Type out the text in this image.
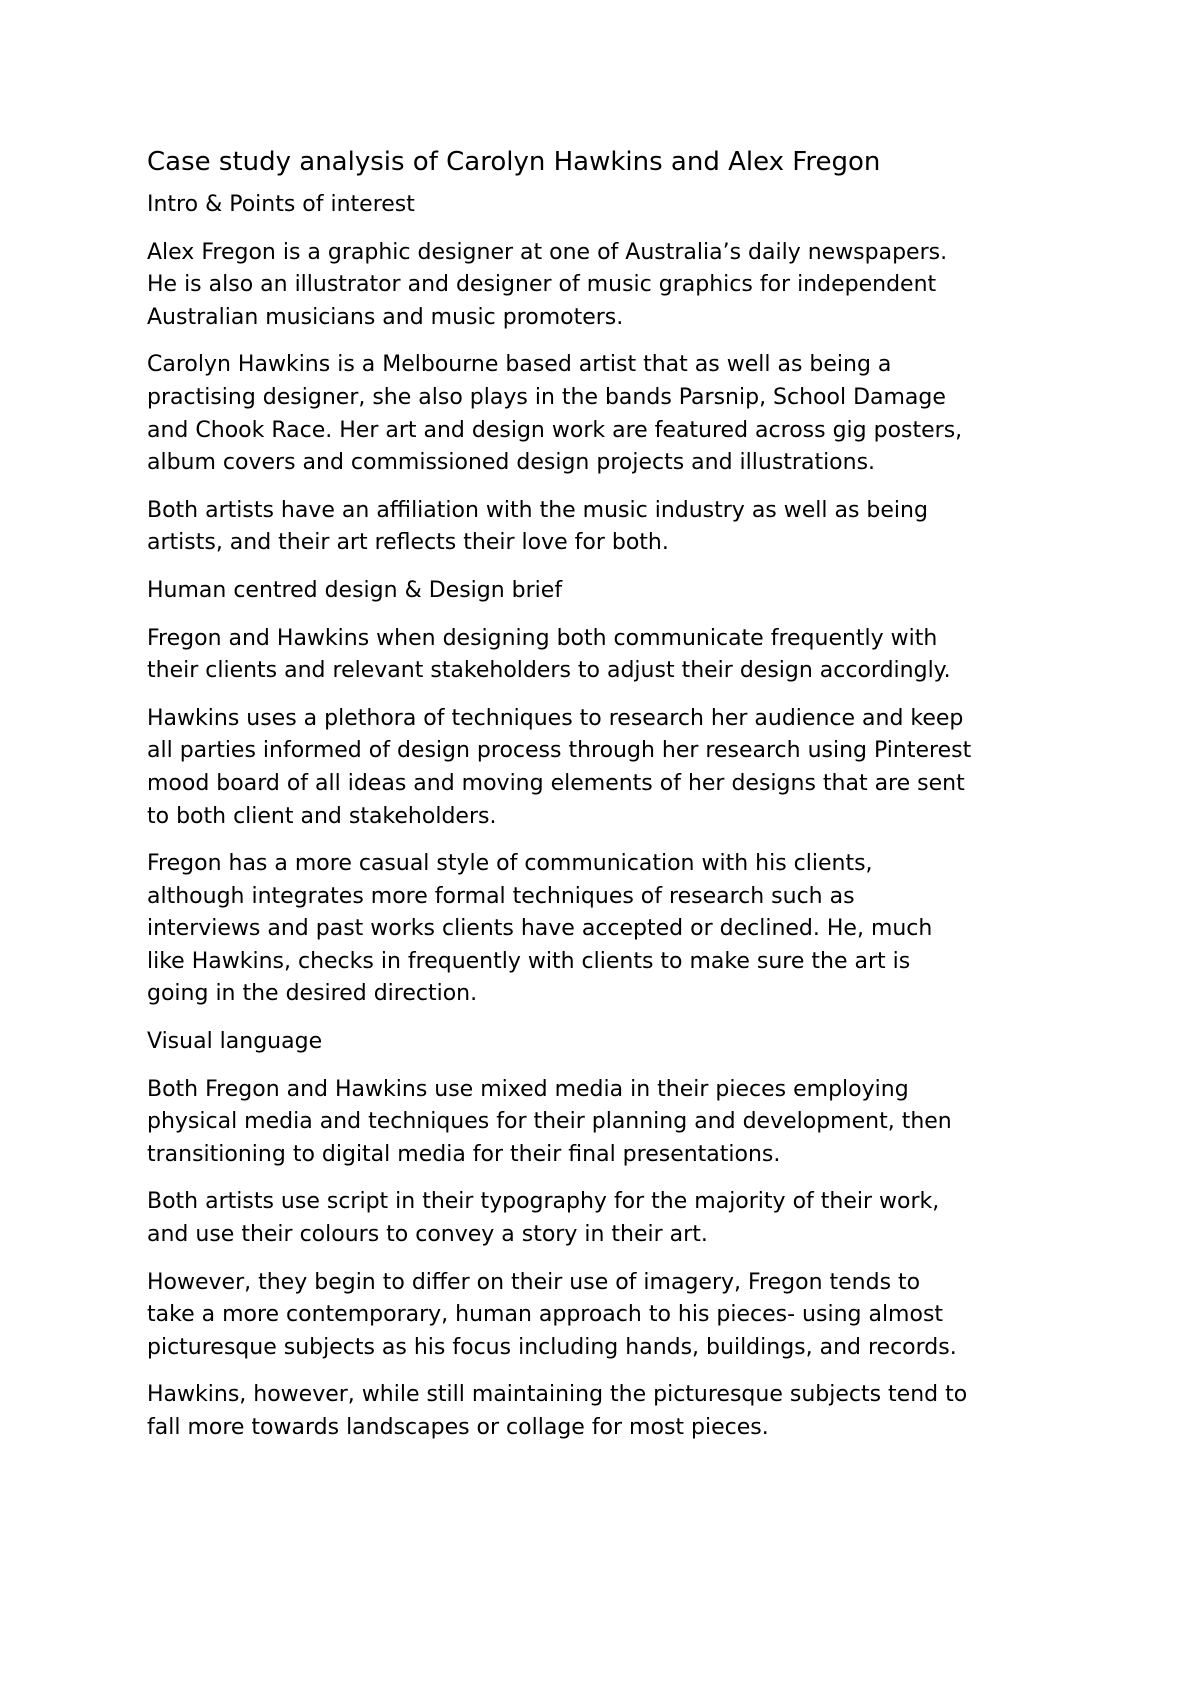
Case study analysis of Carolyn Hawkins and Alex Fregon

Intro & Points of interest

Alex Fregon is a graphic designer at one of Australia’s daily newspapers.
He is also an illustrator and designer of music graphics for independent
Australian musicians and music promoters.

Carolyn Hawkins is a Melbourne based artist that as well as being a
practising designer, she also plays in the bands Parsnip, School Damage
and Chook Race. Her art and design work are featured across gig posters,
album covers and commissioned design projects and illustrations.

Both artists have an affiliation with the music industry as well as being
artists, and their art reflects their love for both.

Human centred design & Design brief

Fregon and Hawkins when designing both communicate frequently with
their clients and relevant stakeholders to adjust their design accordingly.

Hawkins uses a plethora of techniques to research her audience and keep
all parties informed of design process through her research using Pinterest
mood board of all ideas and moving elements of her designs that are sent
to both client and stakeholders.

Fregon has a more casual style of communication with his clients,
although integrates more formal techniques of research such as
interviews and past works clients have accepted or declined. He, much
like Hawkins, checks in frequently with clients to make sure the art is
going in the desired direction.

Visual language

Both Fregon and Hawkins use mixed media in their pieces employing
physical media and techniques for their planning and development, then
transitioning to digital media for their final presentations.

Both artists use script in their typography for the majority of their work,
and use their colours to convey a story in their art.

However, they begin to differ on their use of imagery, Fregon tends to
take a more contemporary, human approach to his pieces- using almost
picturesque subjects as his focus including hands, buildings, and records.

Hawkins, however, while still maintaining the picturesque subjects tend to
fall more towards landscapes or collage for most pieces.
